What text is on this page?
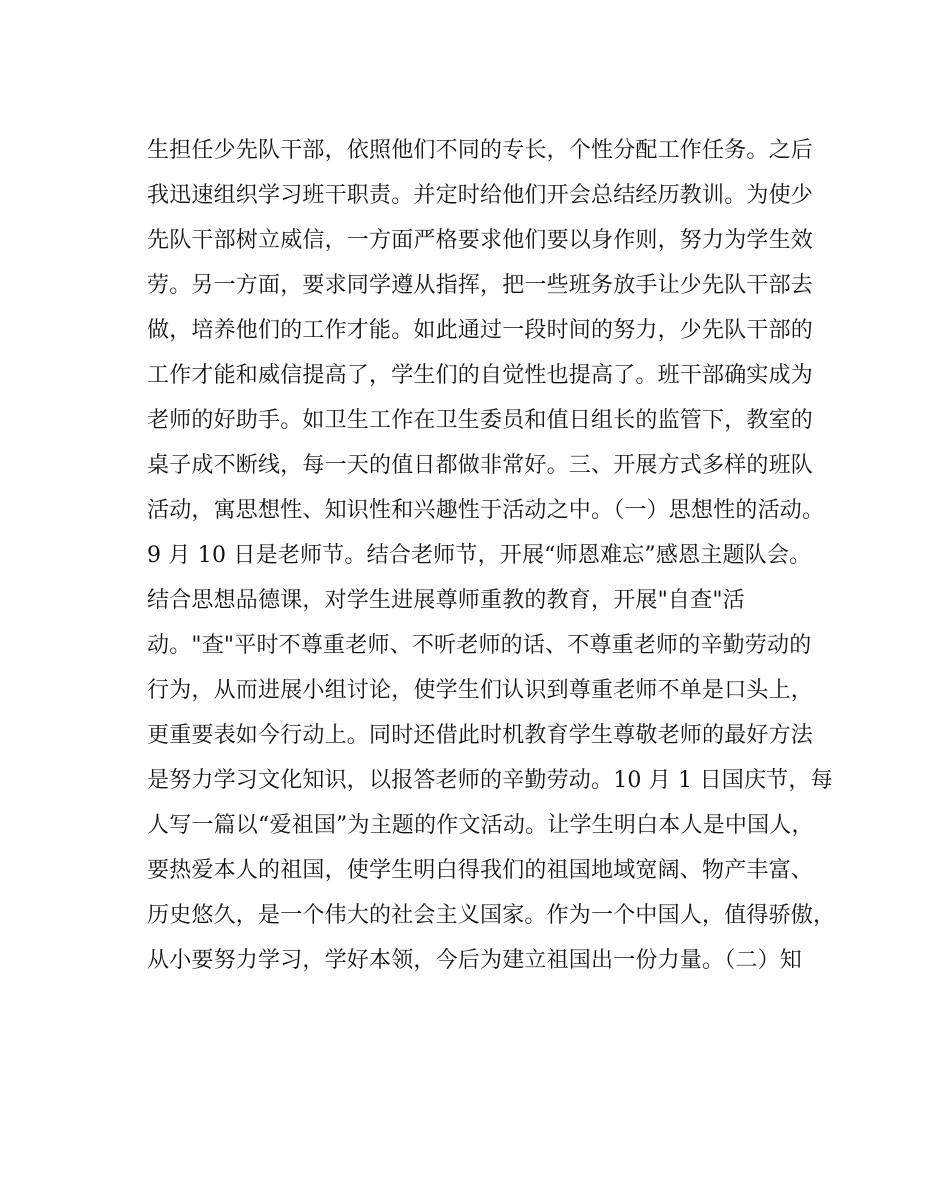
生担任少先队干部，依照他们不同的专长，个性分配工作任务。之后
我迅速组织学习班干职责。并定时给他们开会总结经历教训。为使少
先队干部树立威信，一方面严格要求他们要以身作则，努力为学生效
劳。另一方面，要求同学遵从指挥，把一些班务放手让少先队干部去
做，培养他们的工作才能。如此通过一段时间的努力，少先队干部的
工作才能和威信提高了，学生们的自觉性也提高了。班干部确实成为
老师的好助手。如卫生工作在卫生委员和值日组长的监管下，教室的
桌子成不断线，每一天的值日都做非常好。三、开展方式多样的班队
活动，寓思想性、知识性和兴趣性于活动之中。（一）思想性的活动。
9 月 10 日是老师节。结合老师节，开展“师恩难忘”感恩主题队会。
结合思想品德课，对学生进展尊师重教的教育，开展"自查"活
动。"查"平时不尊重老师、不听老师的话、不尊重老师的辛勤劳动的
行为，从而进展小组讨论，使学生们认识到尊重老师不单是口头上，
更重要表如今行动上。同时还借此时机教育学生尊敬老师的最好方法
是努力学习文化知识，以报答老师的辛勤劳动。10 月 1 日国庆节，每
人写一篇以“爱祖国”为主题的作文活动。让学生明白本人是中国人，
要热爱本人的祖国，使学生明白得我们的祖国地域宽阔、物产丰富、
历史悠久，是一个伟大的社会主义国家。作为一个中国人，值得骄傲，
从小要努力学习，学好本领，今后为建立祖国出一份力量。（二）知
